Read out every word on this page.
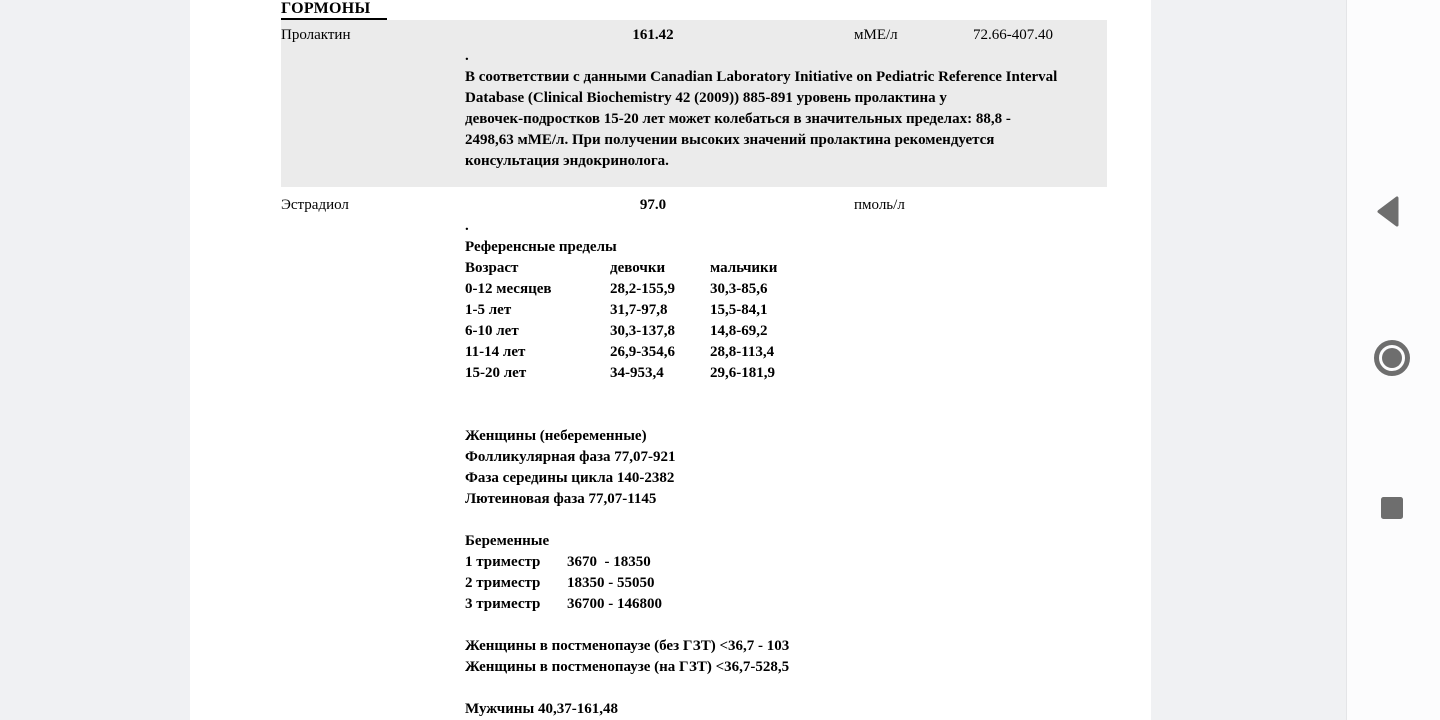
ГОРМОНЫ
Пролактин	161.42	мМЕ/л	72.66-407.40
.
В соответствии с данными Canadian Laboratory Initiative on Pediatric Reference Interval
Database (Clinical Biochemistry 42 (2009)) 885-891 уровень пролактина у
девочек-подростков 15-20 лет может колебаться в значительных пределах: 88,8 -
2498,63 мМЕ/л. При получении высоких значений пролактина рекомендуется
консультация эндокринолога.
Эстрадиол	97.0	пмоль/л
.
Референсные пределы
Возраст	девочки	мальчики
0-12 месяцев	28,2-155,9	30,3-85,6
1-5 лет	31,7-97,8	15,5-84,1
6-10 лет	30,3-137,8	14,8-69,2
11-14 лет	26,9-354,6	28,8-113,4
15-20 лет	34-953,4	29,6-181,9
Женщины (небеременные)
Фолликулярная фаза 77,07-921
Фаза середины цикла 140-2382
Лютеиновая фаза 77,07-1145
Беременные
1 триместр	3670  - 18350
2 триместр	18350 - 55050
3 триместр	36700 - 146800
Женщины в постменопаузе (без ГЗТ) <36,7 - 103
Женщины в постменопаузе (на ГЗТ) <36,7-528,5
Мужчины 40,37-161,48
